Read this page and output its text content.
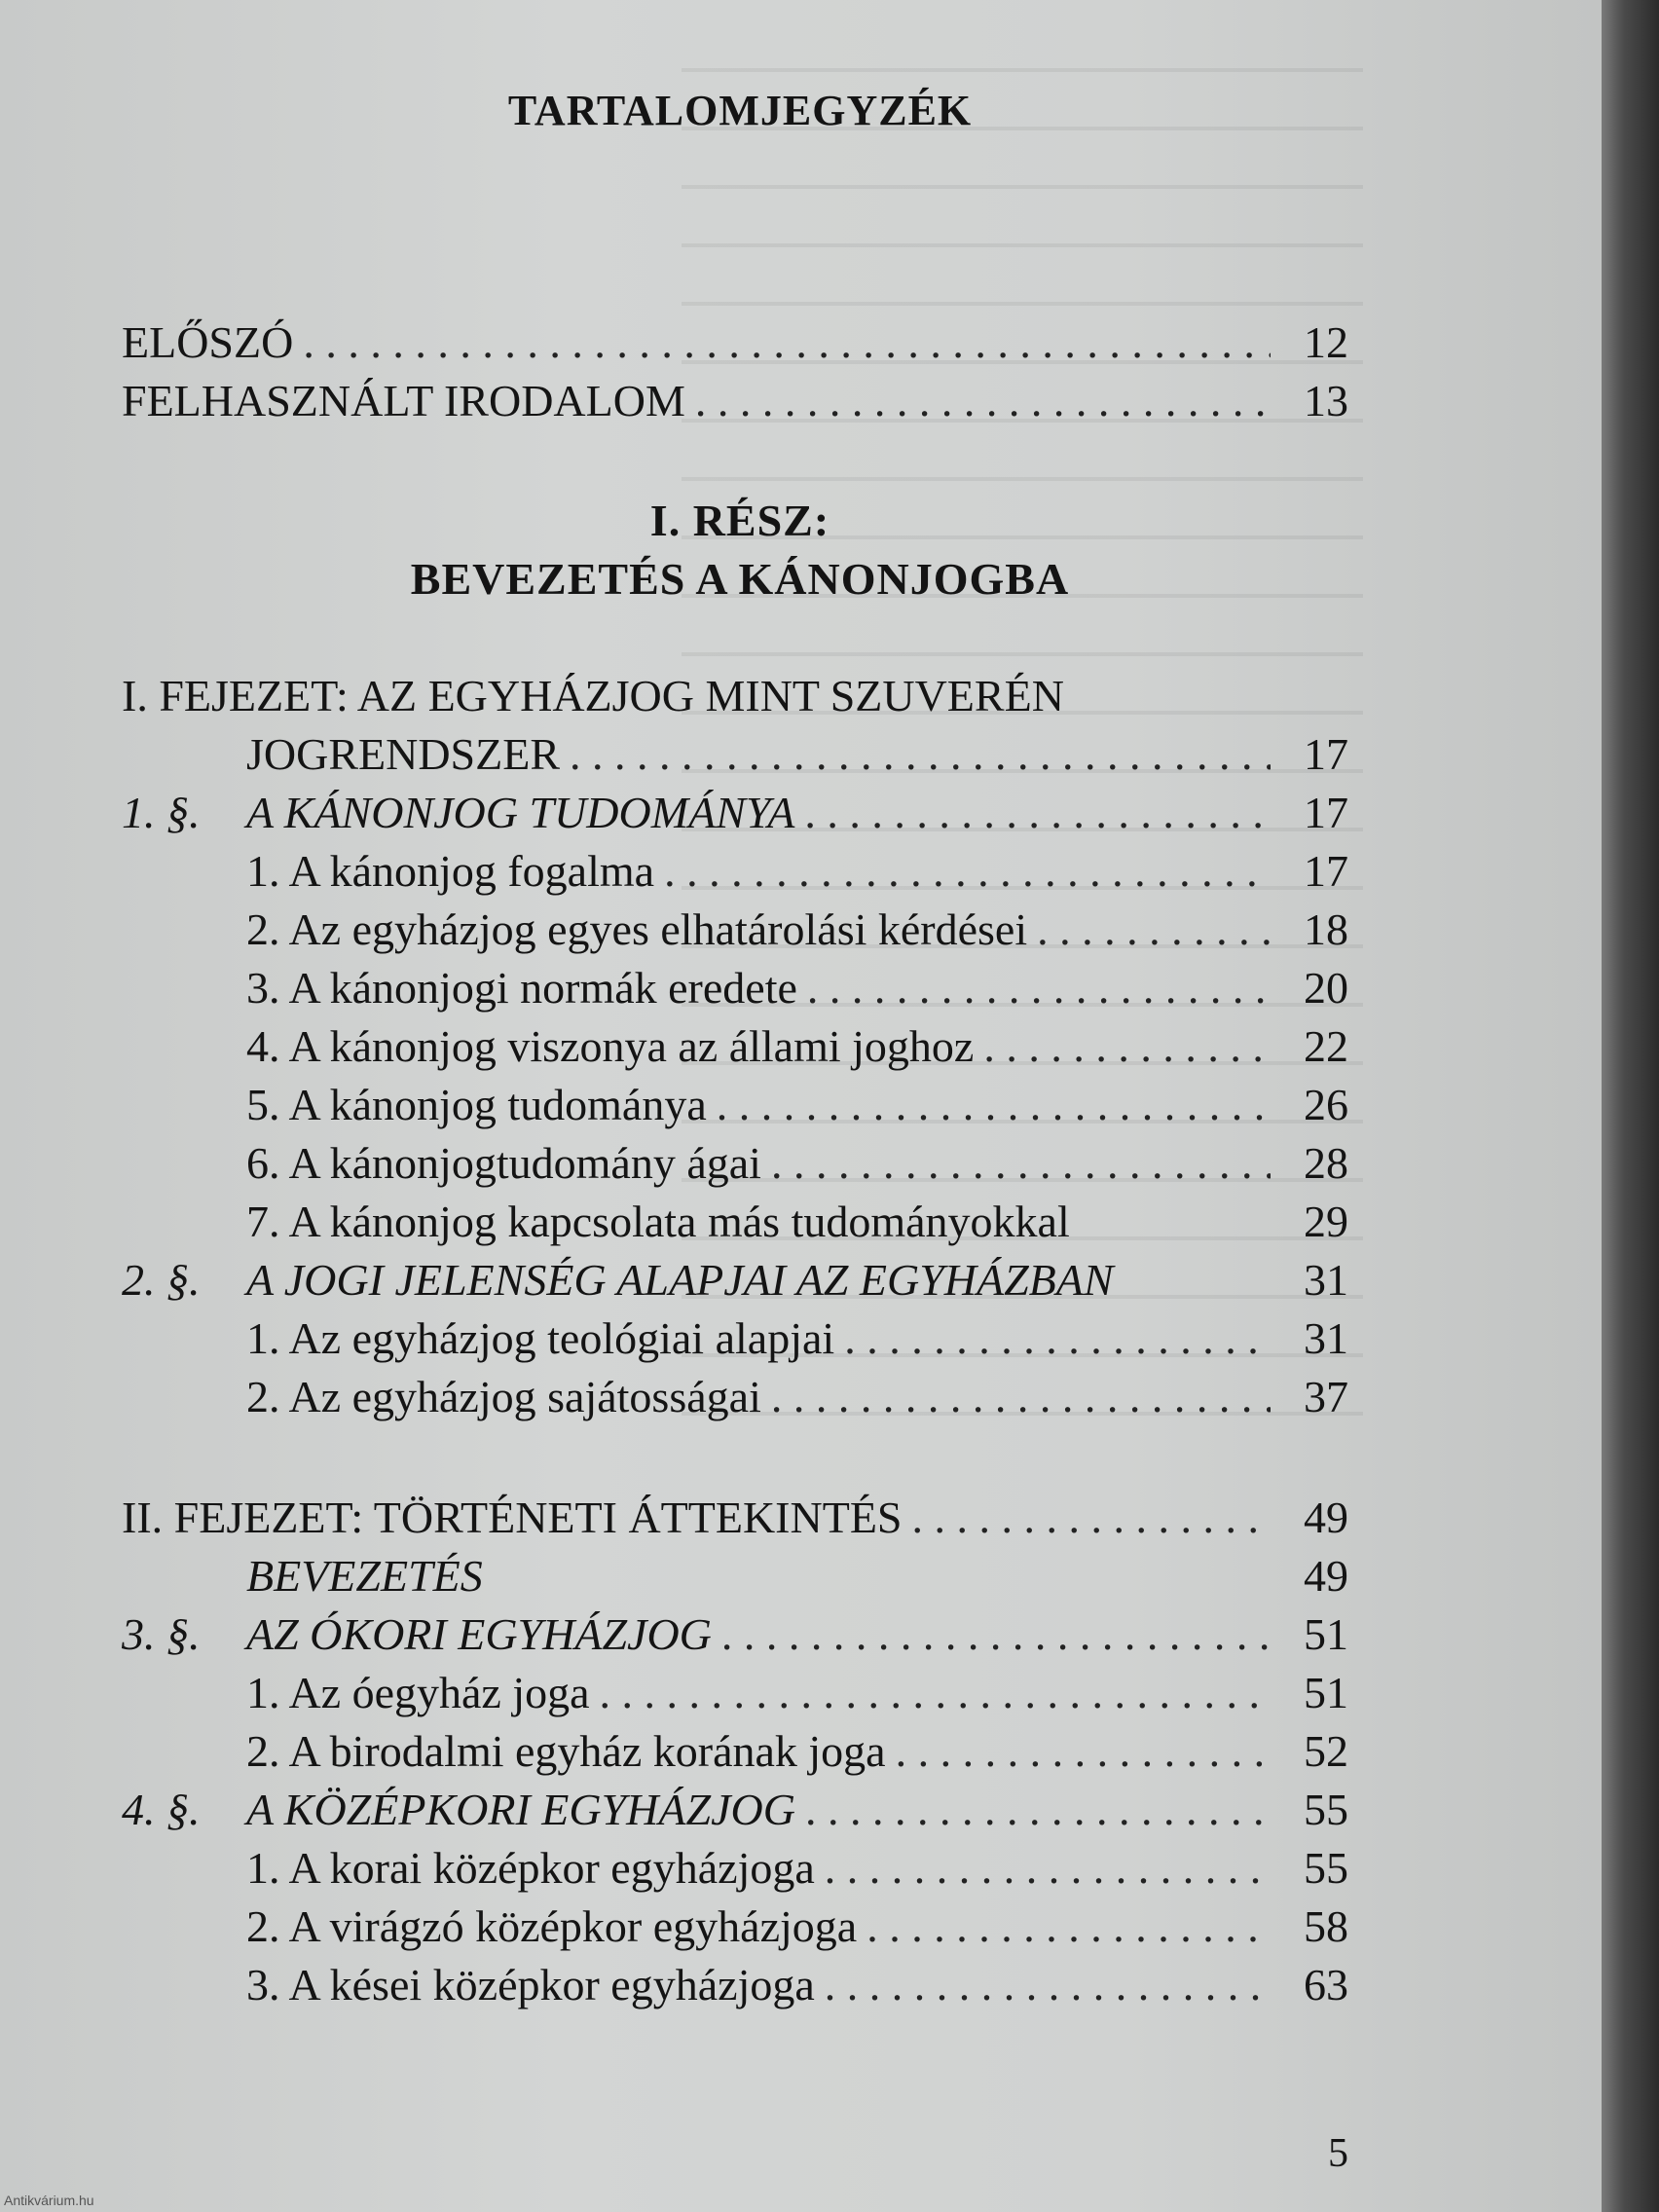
TARTALOMJEGYZÉK
ELŐSZÓ . . .	12
FELHASZNÁLT IRODALOM . . .	13
I. RÉSZ:
BEVEZETÉS A KÁNONJOGBA
I. FEJEZET: AZ EGYHÁZJOG MINT SZUVERÉN
JOGRENDSZER . . .	17
1. §.	A KÁNONJOG TUDOMÁNYA . . .	17
1. A kánonjog fogalma . . .	17
2. Az egyházjog egyes elhatárolási kérdései . . .	18
3. A kánonjogi normák eredete . . .	20
4. A kánonjog viszonya az állami joghoz . . .	22
5. A kánonjog tudománya . . .	26
6. A kánonjogtudomány ágai . . .	28
7. A kánonjog kapcsolata más tudományokkal	29
2. §.	A JOGI JELENSÉG ALAPJAI AZ EGYHÁZBAN	31
1. Az egyházjog teológiai alapjai . . .	31
2. Az egyházjog sajátosságai . . .	37
II. FEJEZET: TÖRTÉNETI ÁTTEKINTÉS . . .	49
BEVEZETÉS	49
3. §.	AZ ÓKORI EGYHÁZJOG . . .	51
1. Az óegyház joga . . .	51
2. A birodalmi egyház korának joga . . .	52
4. §.	A KÖZÉPKORI EGYHÁZJOG . . .	55
1. A korai középkor egyházjoga . . .	55
2. A virágzó középkor egyházjoga . . .	58
3. A kései középkor egyházjoga . . .	63
5
Antikvárium.hu
